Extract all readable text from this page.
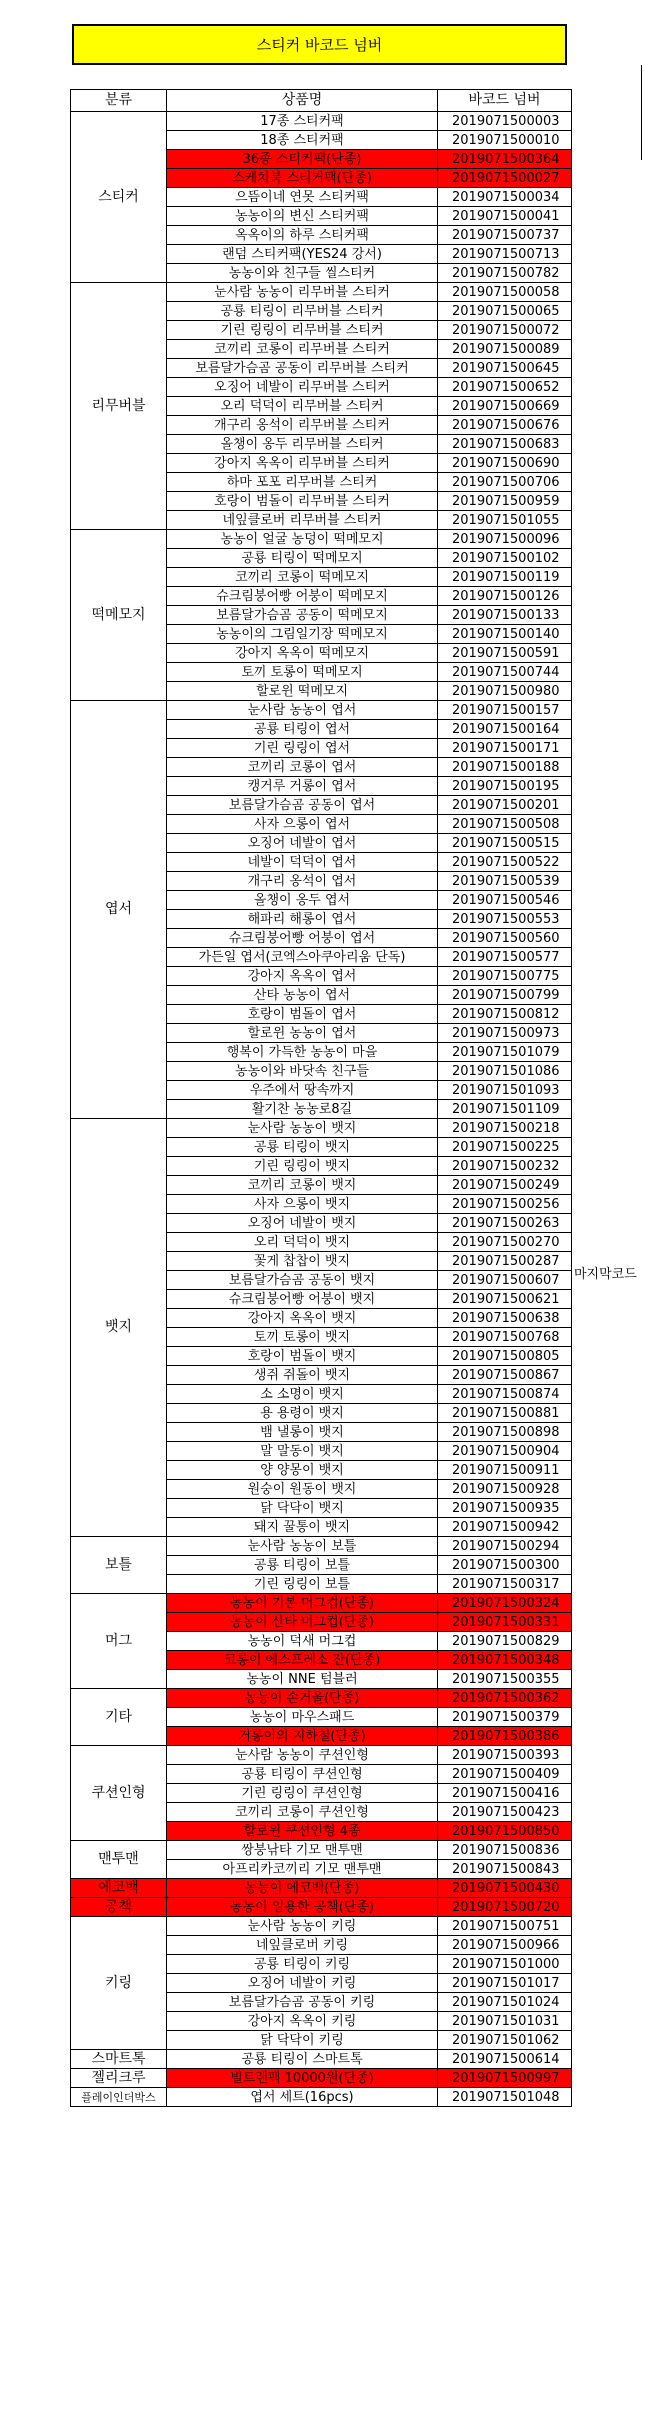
스티커 바코드 넘버
분류	상품명	바코드 넘버
스티커	17종 스티커팩	2019071500003
	18종 스티커팩	2019071500010
	36종 스티커팩(단종)	2019071500364
	스케치북 스티커팩(단종)	2019071500027
	으뜸이네 연못 스티커팩	2019071500034
	농농이의 변신 스티커팩	2019071500041
	옥옥이의 하루 스티커팩	2019071500737
	랜덤 스티커팩(YES24 강서)	2019071500713
	농농이와 친구들 씰스티커	2019071500782
리무버블	눈사람 농농이 리무버블 스티커	2019071500058
	공룡 티링이 리무버블 스티커	2019071500065
	기린 링링이 리무버블 스티커	2019071500072
	코끼리 코롱이 리무버블 스티커	2019071500089
	보름달가슴곰 공동이 리무버블 스티커	2019071500645
	오징어 네발이 리무버블 스티커	2019071500652
	오리 덕덕이 리무버블 스티커	2019071500669
	개구리 옹석이 리무버블 스티커	2019071500676
	올챙이 옹두 리무버블 스티커	2019071500683
	강아지 옥옥이 리무버블 스티커	2019071500690
	하마 포포 리무버블 스티커	2019071500706
	호랑이 범돌이 리무버블 스티커	2019071500959
	네잎클로버 리무버블 스티커	2019071501055
떡메모지	농농이 얼굴 농덩이 떡메모지	2019071500096
	공룡 티링이 떡메모지	2019071500102
	코끼리 코롱이 떡메모지	2019071500119
	슈크림붕어빵 어붕이 떡메모지	2019071500126
	보름달가슴곰 공동이 떡메모지	2019071500133
	농농이의 그림일기장 떡메모지	2019071500140
	강아지 옥옥이 떡메모지	2019071500591
	토끼 토롱이 떡메모지	2019071500744
	할로윈 떡메모지	2019071500980
엽서	눈사람 농농이 엽서	2019071500157
	공룡 티링이 엽서	2019071500164
	기린 링링이 엽서	2019071500171
	코끼리 코롱이 엽서	2019071500188
	캥거루 거롱이 엽서	2019071500195
	보름달가슴곰 공동이 엽서	2019071500201
	사자 으롱이 엽서	2019071500508
	오징어 네발이 엽서	2019071500515
	네발이 덕덕이 엽서	2019071500522
	개구리 옹석이 엽서	2019071500539
	올챙이 옹두 엽서	2019071500546
	해파리 해롱이 엽서	2019071500553
	슈크림붕어빵 어붕이 엽서	2019071500560
	가든일 엽서(코엑스아쿠아리움 단독)	2019071500577
	강아지 옥옥이 엽서	2019071500775
	산타 농농이 엽서	2019071500799
	호랑이 범돌이 엽서	2019071500812
	할로윈 농농이 엽서	2019071500973
	행복이 가득한 농농이 마을	2019071501079
	농농이와 바닷속 친구들	2019071501086
	우주에서 땅속까지	2019071501093
	활기찬 농농로8길	2019071501109
뱃지	눈사람 농농이 뱃지	2019071500218
	공룡 티링이 뱃지	2019071500225
	기린 링링이 뱃지	2019071500232
	코끼리 코롱이 뱃지	2019071500249
	사자 으롱이 뱃지	2019071500256
	오징어 네발이 뱃지	2019071500263
	오리 덕덕이 뱃지	2019071500270
	꽃게 찹찹이 뱃지	2019071500287
	보름달가슴곰 공동이 뱃지	2019071500607
	슈크림붕어빵 어붕이 뱃지	2019071500621
	강아지 옥옥이 뱃지	2019071500638
	토끼 토롱이 뱃지	2019071500768
	호랑이 범돌이 뱃지	2019071500805
	생쥐 쥐돌이 뱃지	2019071500867
	소 소명이 뱃지	2019071500874
	용 용령이 뱃지	2019071500881
	뱀 낼롱이 뱃지	2019071500898
	말 말동이 뱃지	2019071500904
	양 양몽이 뱃지	2019071500911
	원숭이 원동이 뱃지	2019071500928
	닭 닥닥이 뱃지	2019071500935
	돼지 꿀통이 뱃지	2019071500942
보틀	눈사람 농농이 보틀	2019071500294
	공룡 티링이 보틀	2019071500300
	기린 링링이 보틀	2019071500317
머그	농농이 기본 머그컵(단종)	2019071500324
	농농이 산타 머그컵(단종)	2019071500331
	농농이 덕새 머그컵	2019071500829
	코롱이 에스프레소 잔(단종)	2019071500348
	농농이 NNE 텀블러	2019071500355
기타	농농이 손거울(단종)	2019071500362
	농농이 마우스패드	2019071500379
	거롱이의 지하철(단종)	2019071500386
쿠션인형	눈사람 농농이 쿠션인형	2019071500393
	공룡 티링이 쿠션인형	2019071500409
	기린 링링이 쿠션인형	2019071500416
	코끼리 코롱이 쿠션인형	2019071500423
	할로윈 쿠션인형 4종	2019071500850
맨투맨	쌍붕낚타 기모 맨투맨	2019071500836
	아프리카코끼리 기모 맨투맨	2019071500843
에코백	농농이 에코백(단종)	2019071500430
공책	농농이 일용한 공책(단종)	2019071500720
키링	눈사람 농농이 키링	2019071500751
	네잎클로버 키링	2019071500966
	공룡 티링이 키링	2019071501000
	오징어 네발이 키링	2019071501017
	보름달가슴곰 공동이 키링	2019071501024
	강아지 옥옥이 키링	2019071501031
	닭 닥닥이 키링	2019071501062
스마트톡	공룡 티링이 스마트톡	2019071500614
젤리크루	빌트랜팩 10000원(단종)	2019071500997
플레이인더박스	엽서 세트(16pcs)	2019071501048
마지막코드
